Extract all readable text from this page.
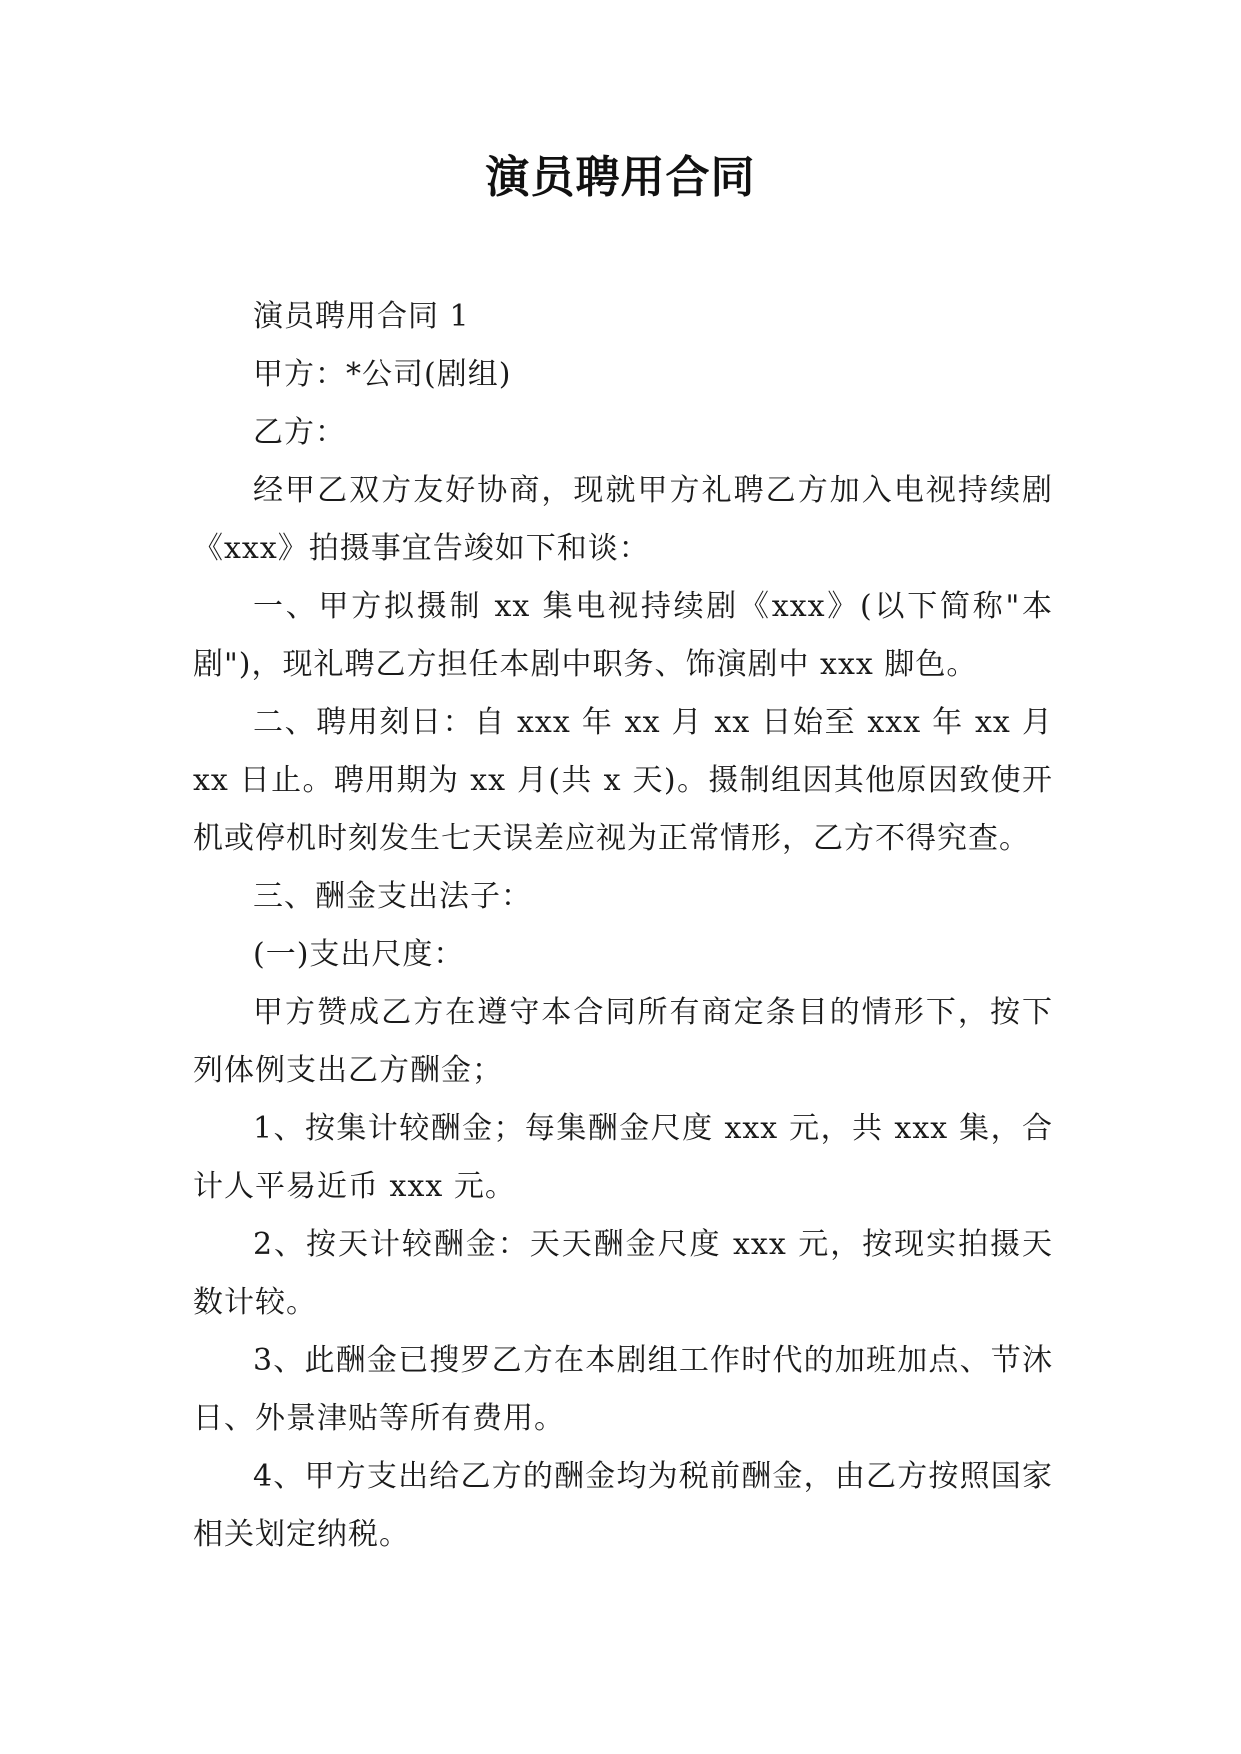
演员聘用合同

演员聘用合同 1

甲方：*公司(剧组)

乙方：

经甲乙双方友好协商，现就甲方礼聘乙方加入电视持续剧《xxx》拍摄事宜告竣如下和谈：

一、甲方拟摄制 xx 集电视持续剧《xxx》(以下简称"本剧")，现礼聘乙方担任本剧中职务、饰演剧中 xxx 脚色。

二、聘用刻日：自 xxx 年 xx 月 xx 日始至 xxx 年 xx 月 xx 日止。聘用期为 xx 月(共 x 天)。摄制组因其他原因致使开机或停机时刻发生七天误差应视为正常情形，乙方不得究查。

三、酬金支出法子：

(一)支出尺度：

甲方赞成乙方在遵守本合同所有商定条目的情形下，按下列体例支出乙方酬金；

1、按集计较酬金；每集酬金尺度 xxx 元，共 xxx 集，合计人平易近币 xxx 元。

2、按天计较酬金：天天酬金尺度 xxx 元，按现实拍摄天数计较。

3、此酬金已搜罗乙方在本剧组工作时代的加班加点、节沐日、外景津贴等所有费用。

4、甲方支出给乙方的酬金均为税前酬金，由乙方按照国家相关划定纳税。
